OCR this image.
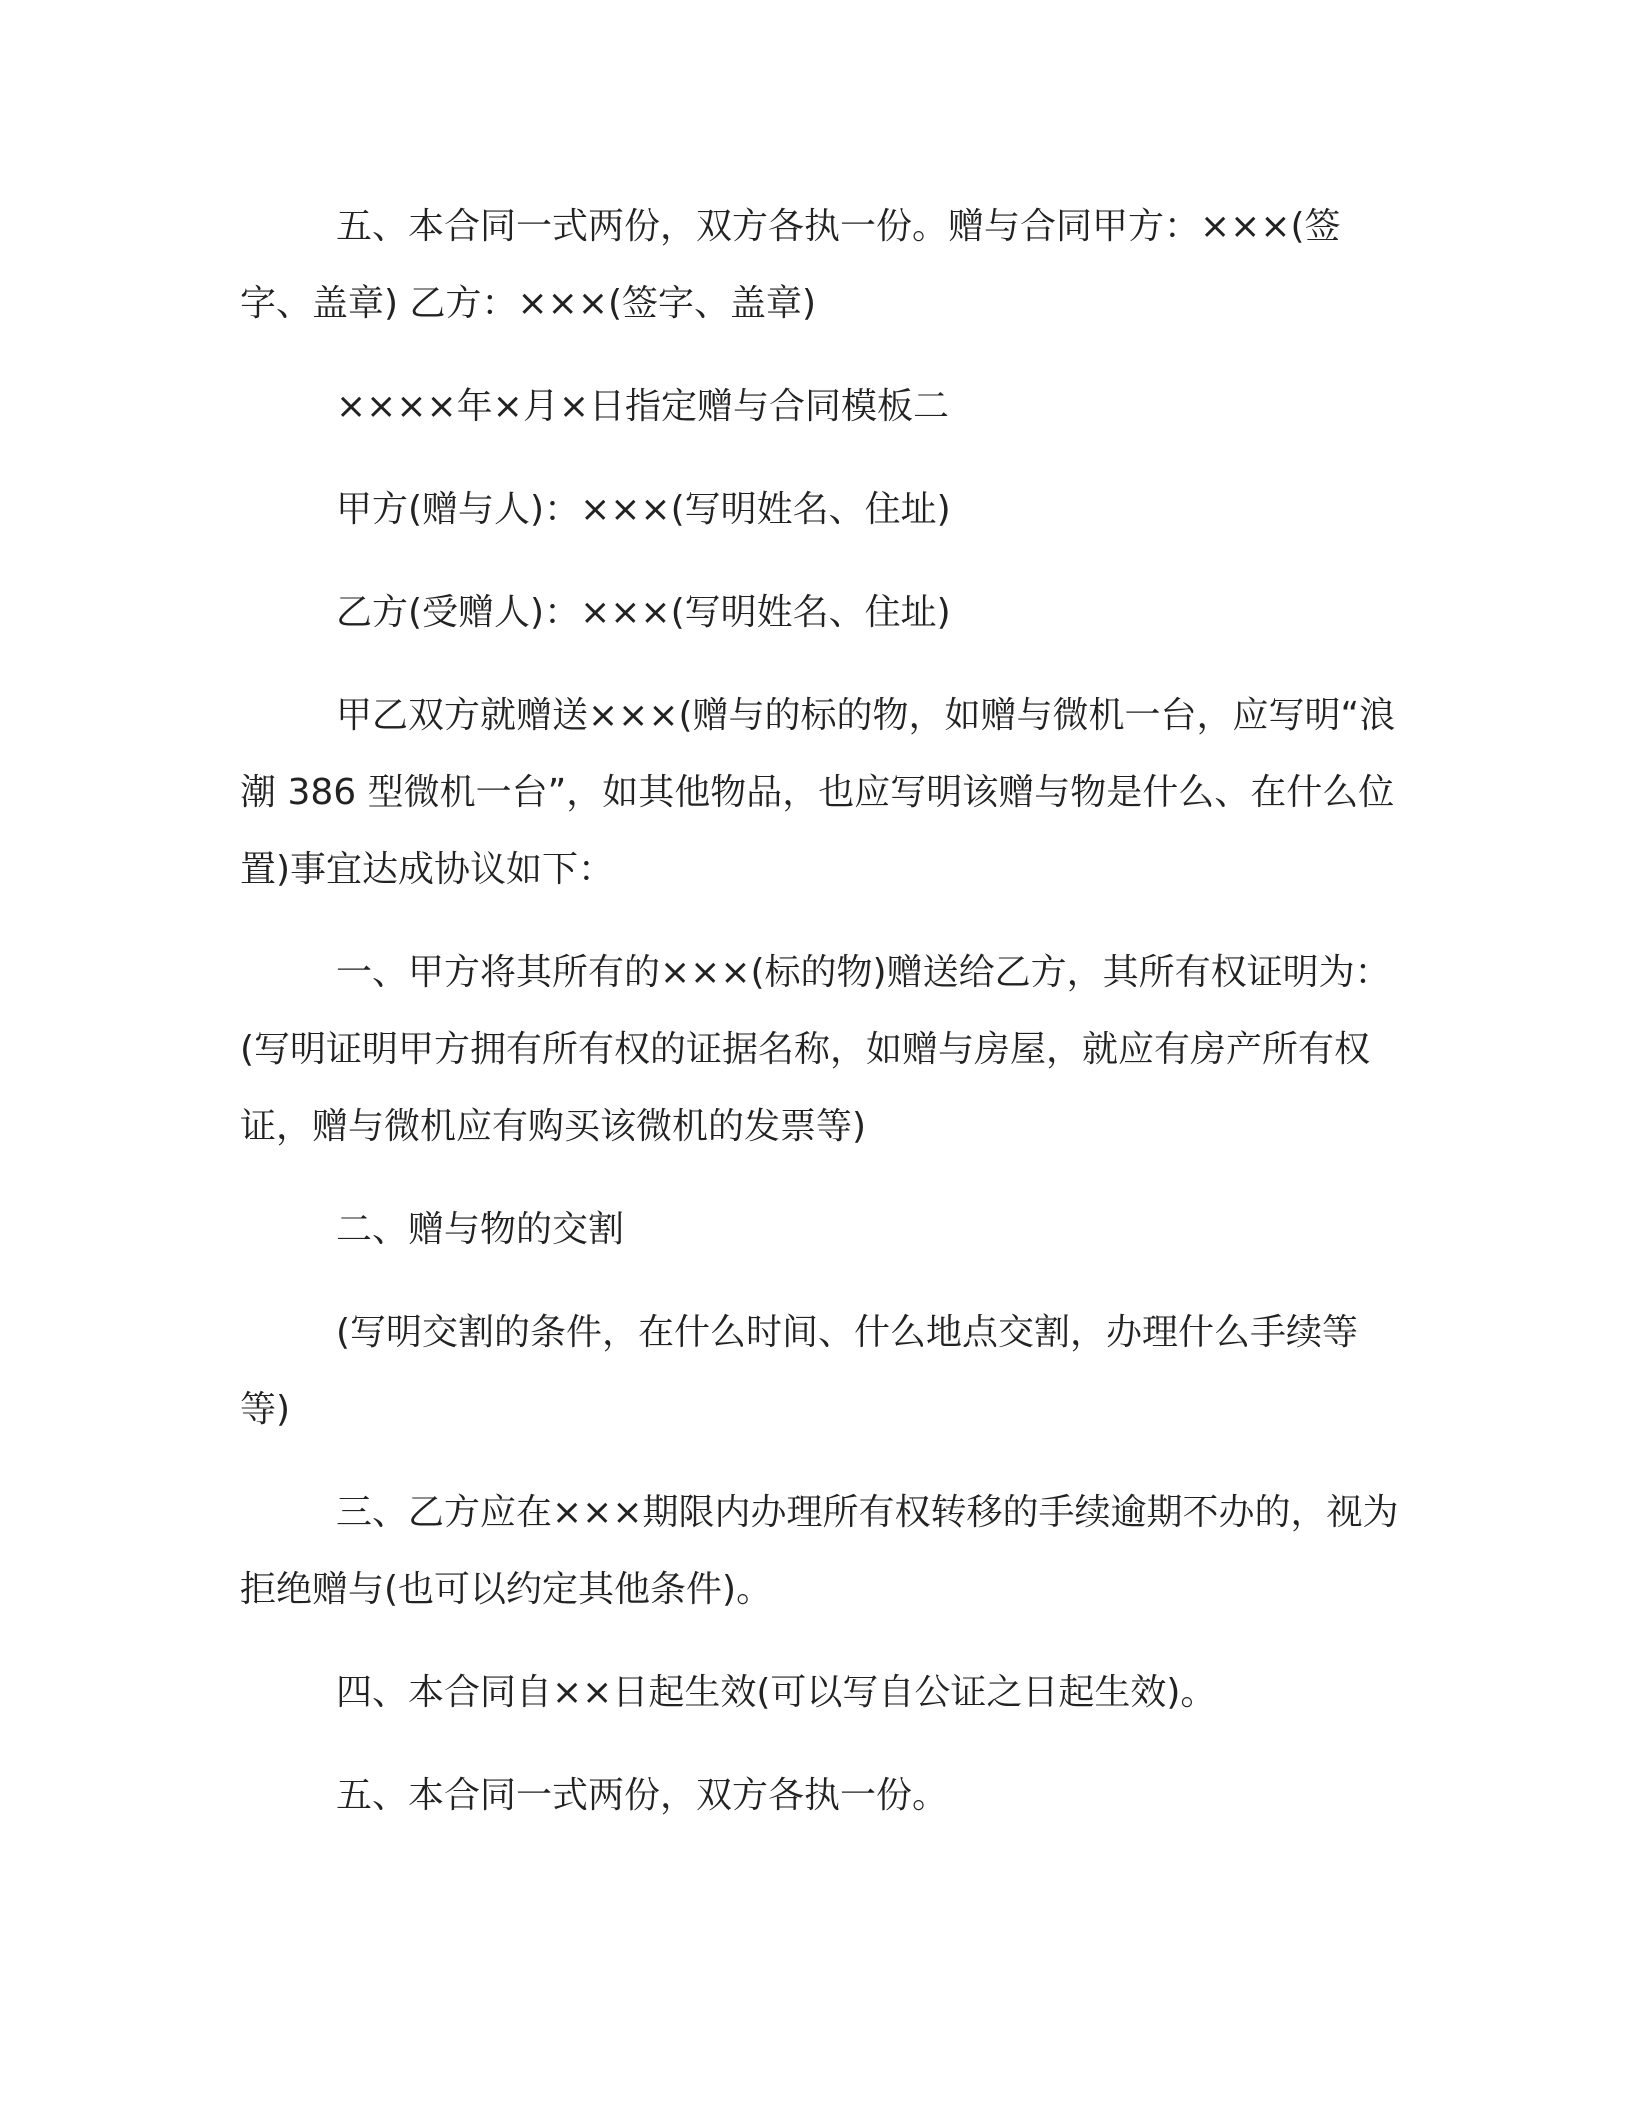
五、本合同一式两份，双方各执一份。赠与合同甲方：×××(签字、盖章) 乙方：×××(签字、盖章)

××××年×月×日指定赠与合同模板二

甲方(赠与人)：×××(写明姓名、住址)

乙方(受赠人)：×××(写明姓名、住址)

甲乙双方就赠送×××(赠与的标的物，如赠与微机一台，应写明“浪潮 386 型微机一台”，如其他物品，也应写明该赠与物是什么、在什么位置)事宜达成协议如下：

一、甲方将其所有的×××(标的物)赠送给乙方，其所有权证明为：(写明证明甲方拥有所有权的证据名称，如赠与房屋，就应有房产所有权证，赠与微机应有购买该微机的发票等)

二、赠与物的交割

(写明交割的条件，在什么时间、什么地点交割，办理什么手续等等)

三、乙方应在×××期限内办理所有权转移的手续逾期不办的，视为拒绝赠与(也可以约定其他条件)。

四、本合同自××日起生效(可以写自公证之日起生效)。

五、本合同一式两份，双方各执一份。
